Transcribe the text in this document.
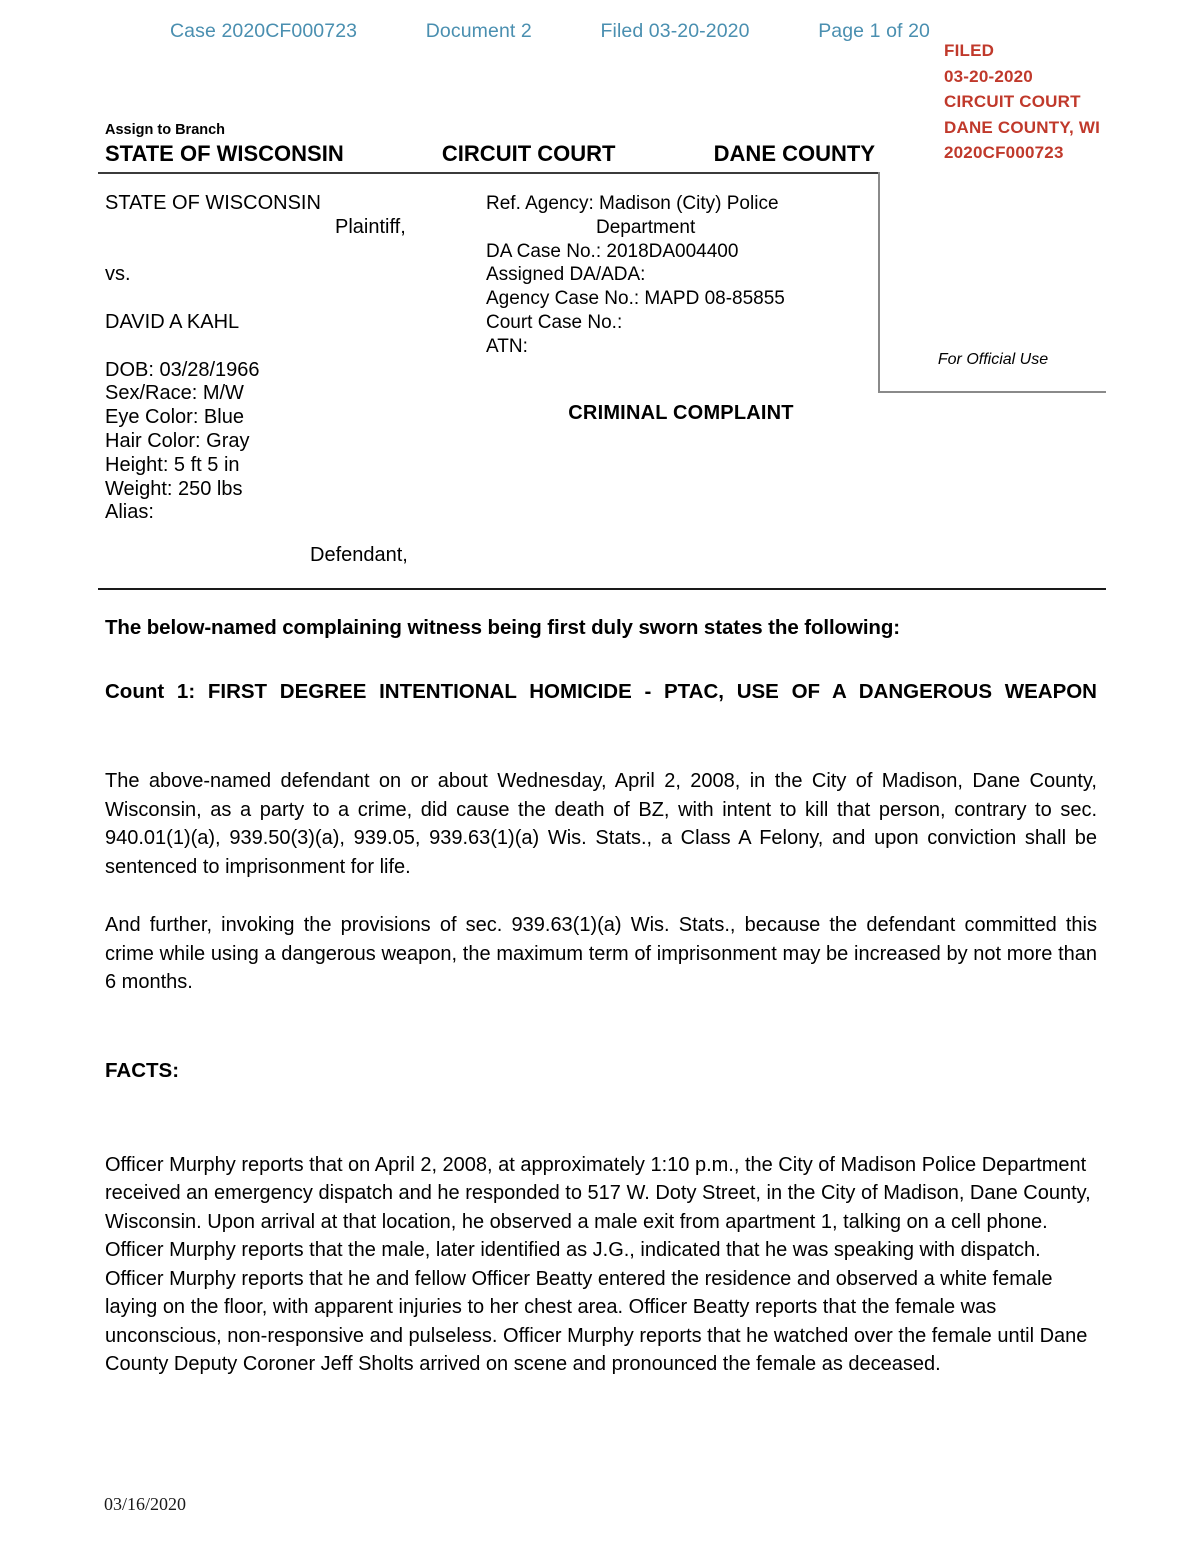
Case 2020CF000723	Document 2	Filed 03-20-2020	Page 1 of 20
FILED
03-20-2020
CIRCUIT COURT
DANE COUNTY, WI
2020CF000723
Assign to Branch
STATE OF WISCONSIN	CIRCUIT COURT	DANE COUNTY
For Official Use
STATE OF WISCONSIN
Plaintiff,
vs.
DAVID A KAHL
DOB: 03/28/1966
Sex/Race: M/W
Eye Color: Blue
Hair Color: Gray
Height: 5 ft 5 in
Weight: 250 lbs
Alias:
Defendant,
Ref. Agency: Madison (City) Police
Department
DA Case No.: 2018DA004400
Assigned DA/ADA:
Agency Case No.: MAPD 08-85855
Court Case No.:
ATN:
CRIMINAL COMPLAINT

The below-named complaining witness being first duly sworn states the following:

Count 1: FIRST DEGREE INTENTIONAL HOMICIDE - PTAC, USE OF A DANGEROUS WEAPON

The above-named defendant on or about Wednesday, April 2, 2008, in the City of Madison, Dane County, Wisconsin, as a party to a crime, did cause the death of BZ, with intent to kill that person, contrary to sec. 940.01(1)(a), 939.50(3)(a), 939.05, 939.63(1)(a) Wis. Stats., a Class A Felony, and upon conviction shall be sentenced to imprisonment for life.

And further, invoking the provisions of sec. 939.63(1)(a) Wis. Stats., because the defendant committed this crime while using a dangerous weapon, the maximum term of imprisonment may be increased by not more than 6 months.

FACTS:

Officer Murphy reports that on April 2, 2008, at approximately 1:10 p.m., the City of Madison Police Department received an emergency dispatch and he responded to 517 W. Doty Street, in the City of Madison, Dane County, Wisconsin. Upon arrival at that location, he observed a male exit from apartment 1, talking on a cell phone. Officer Murphy reports that the male, later identified as J.G., indicated that he was speaking with dispatch. Officer Murphy reports that he and fellow Officer Beatty entered the residence and observed a white female laying on the floor, with apparent injuries to her chest area. Officer Beatty reports that the female was unconscious, non-responsive and pulseless. Officer Murphy reports that he watched over the female until Dane County Deputy Coroner Jeff Sholts arrived on scene and pronounced the female as deceased.

03/16/2020
